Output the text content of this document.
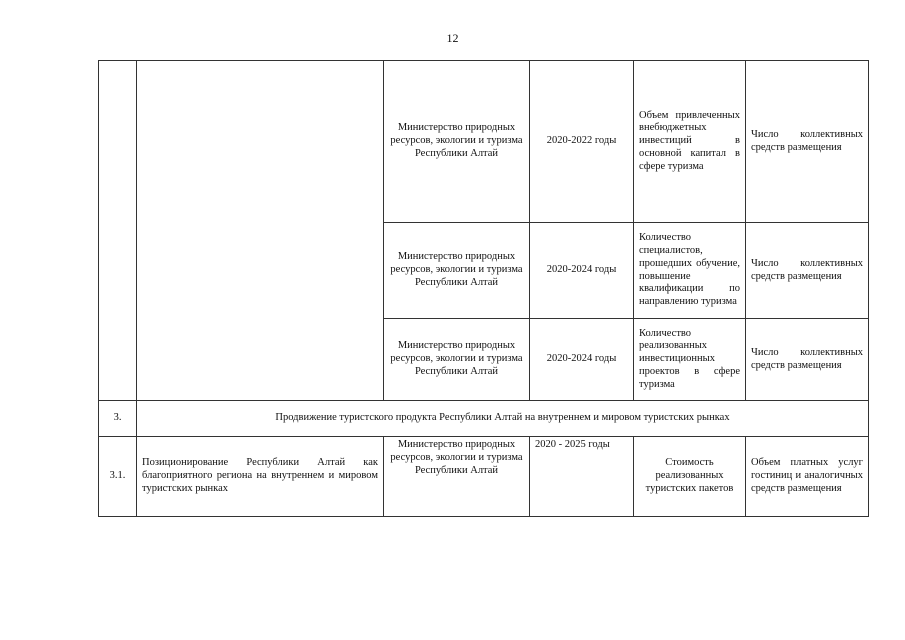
12
		Министерство природных ресурсов, экологии и туризма Республики Алтай	2020-2022 годы	Объем привлеченных внебюджетных инвестиций в основной капитал в сфере туризма	Число коллективных средств размещения
		Министерство природных ресурсов, экологии и туризма Республики Алтай	2020-2024 годы	Количество специалистов, прошедших обучение, повышение квалификации по направлению туризма	Число коллективных средств размещения
		Министерство природных ресурсов, экологии и туризма Республики Алтай	2020-2024 годы	Количество реализованных инвестиционных проектов в сфере туризма	Число коллективных средств размещения
3.	Продвижение туристского продукта Республики Алтай на внутреннем и мировом туристских рынках				
3.1.	Позиционирование Республики Алтай как благоприятного региона на внутреннем и мировом туристских рынках	Министерство природных ресурсов, экологии и туризма Республики Алтай	2020 - 2025 годы	Стоимость реализованных туристских пакетов	Объем платных услуг гостиниц и аналогичных средств размещения
